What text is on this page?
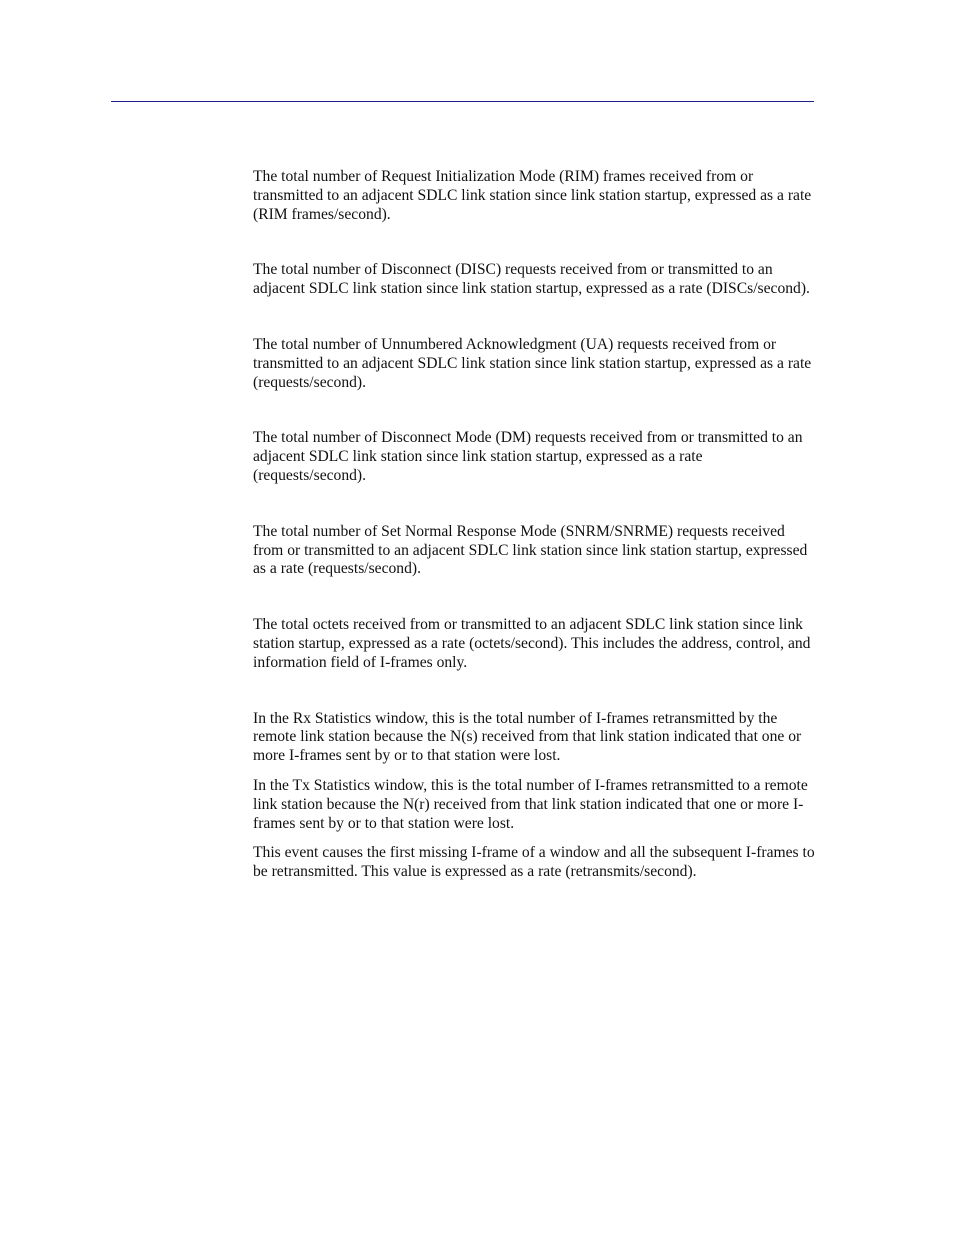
The total number of Request Initialization Mode (RIM) frames received from or transmitted to an adjacent SDLC link station since link station startup, expressed as a rate (RIM frames/second).

The total number of Disconnect (DISC) requests received from or transmitted to an adjacent SDLC link station since link station startup, expressed as a rate (DISCs/second).

The total number of Unnumbered Acknowledgment (UA) requests received from or transmitted to an adjacent SDLC link station since link station startup, expressed as a rate (requests/second).

The total number of Disconnect Mode (DM) requests received from or transmitted to an adjacent SDLC link station since link station startup, expressed as a rate (requests/second).

The total number of Set Normal Response Mode (SNRM/SNRME) requests received from or transmitted to an adjacent SDLC link station since link station startup, expressed as a rate (requests/second).

The total octets received from or transmitted to an adjacent SDLC link station since link station startup, expressed as a rate (octets/second). This includes the address, control, and information field of I-frames only.

In the Rx Statistics window, this is the total number of I-frames retransmitted by the remote link station because the N(s) received from that link station indicated that one or more I-frames sent by or to that station were lost.

In the Tx Statistics window, this is the total number of I-frames retransmitted to a remote link station because the N(r) received from that link station indicated that one or more I-frames sent by or to that station were lost.

This event causes the first missing I-frame of a window and all the subsequent I-frames to be retransmitted. This value is expressed as a rate (retransmits/second).
